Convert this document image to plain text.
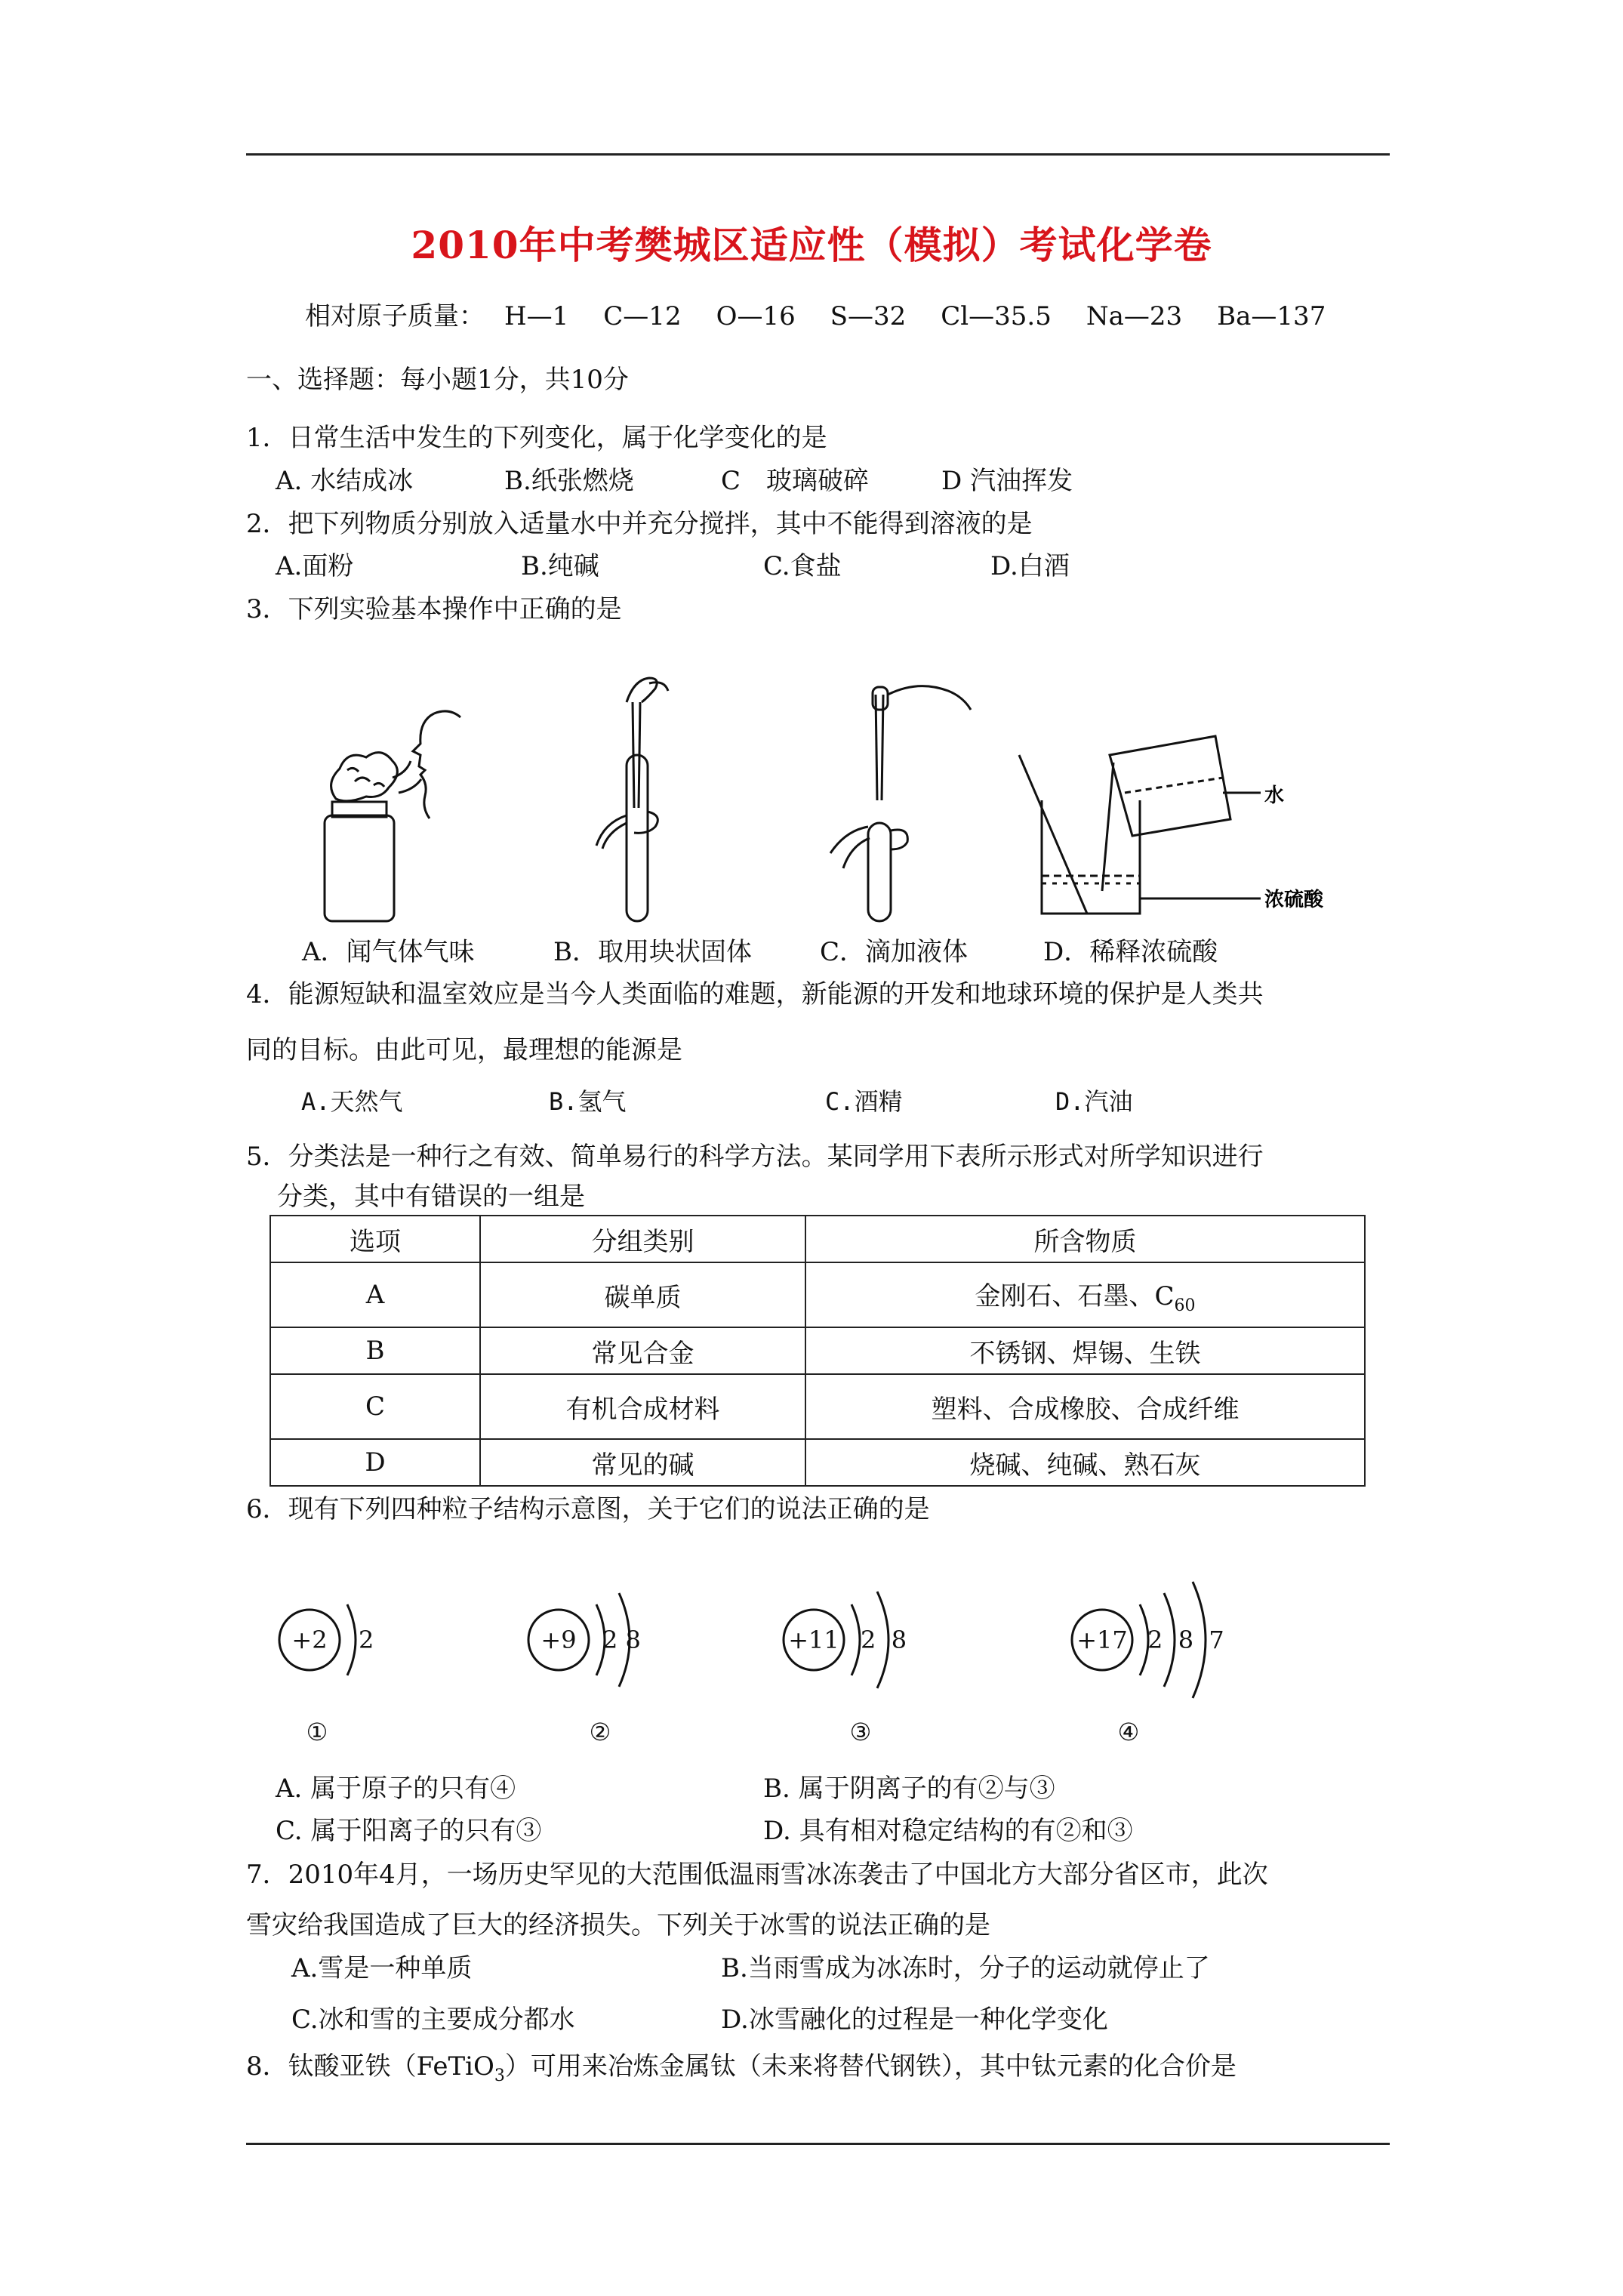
2010年中考樊城区适应性（模拟）考试化学卷
相对原子质量： H—1 C—12 O—16 S—32 Cl—35.5 Na—23 Ba—137
一、选择题：每小题1分，共10分
1．日常生活中发生的下列变化，属于化学变化的是
A. 水结成冰	B.纸张燃烧	C　玻璃破碎	D 汽油挥发
2．把下列物质分别放入适量水中并充分搅拌，其中不能得到溶液的是
A.面粉	B.纯碱	C.食盐	D.白酒
3．下列实验基本操作中正确的是
水
浓硫酸
A．闻气体气味	B．取用块状固体	C．滴加液体	D．稀释浓硫酸
4．能源短缺和温室效应是当今人类面临的难题，新能源的开发和地球环境的保护是人类共
同的目标。由此可见，最理想的能源是
A.天然气	B.氢气	C.酒精	D.汽油
5．分类法是一种行之有效、简单易行的科学方法。某同学用下表所示形式对所学知识进行
分类，其中有错误的一组是
选项	分组类别	所含物质
A	碳单质	金刚石、石墨、$C_{60}$
B	常见合金	不锈钢、焊锡、生铁
C	有机合成材料	塑料、合成橡胶、合成纤维
D	常见的碱	烧碱、纯碱、熟石灰
6．现有下列四种粒子结构示意图，关于它们的说法正确的是
+2 2
①
+9 2 8
②
+11 2  8
③
+17 2  8  7
④
A. 属于原子的只有④	B. 属于阴离子的有②与③
C. 属于阳离子的只有③	D. 具有相对稳定结构的有②和③
7．2010年4月，一场历史罕见的大范围低温雨雪冰冻袭击了中国北方大部分省区市，此次
雪灾给我国造成了巨大的经济损失。下列关于冰雪的说法正确的是
A.雪是一种单质	B.当雨雪成为冰冻时，分子的运动就停止了
C.冰和雪的主要成分都水	D.冰雪融化的过程是一种化学变化
8．钛酸亚铁（FeTiO$_3$）可用来冶炼金属钛（未来将替代钢铁），其中钛元素的化合价是
